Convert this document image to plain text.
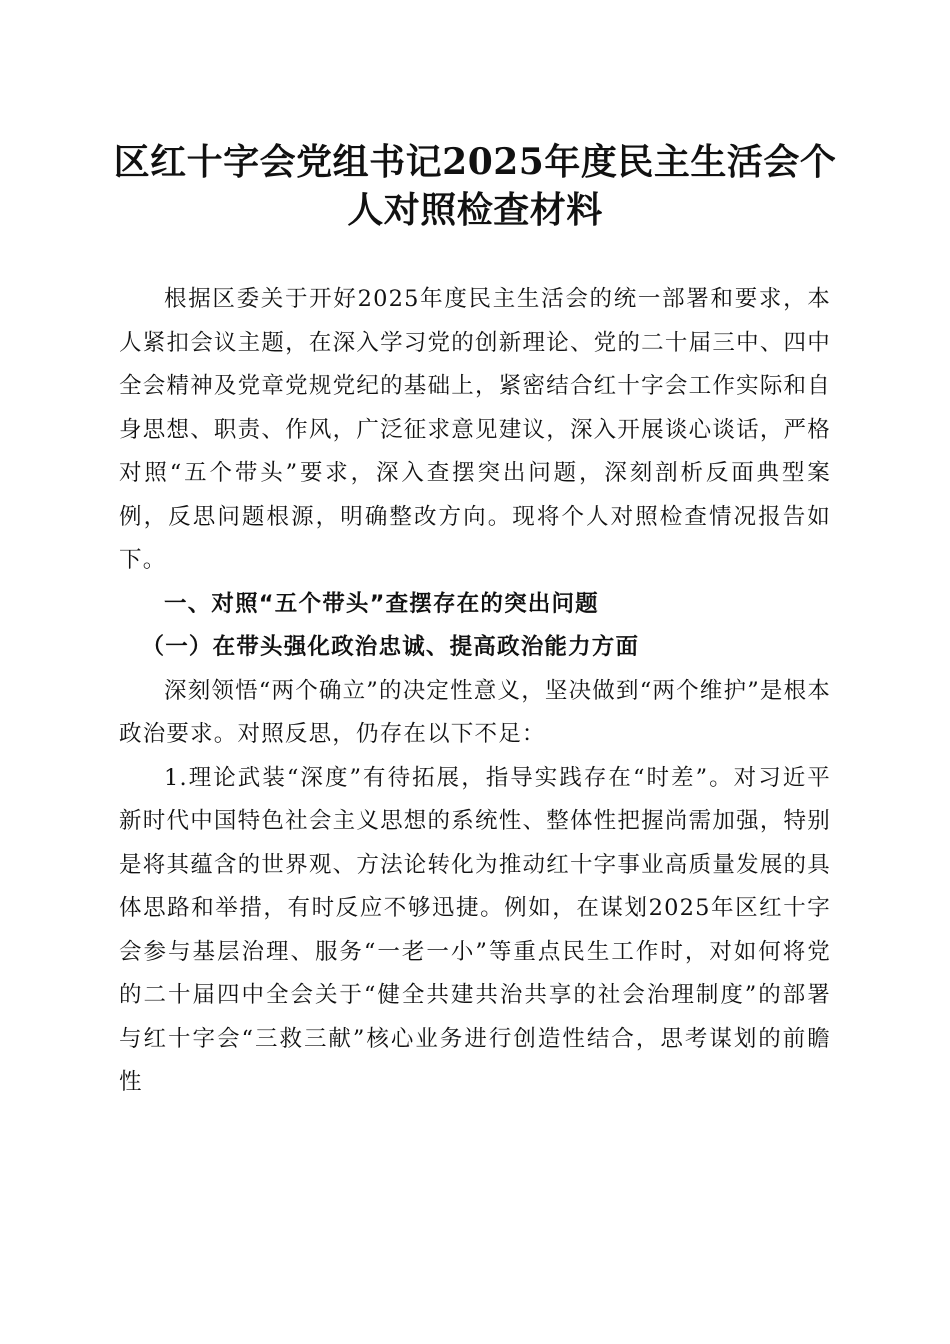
区红十字会党组书记2025年度民主生活会个
人对照检查材料

根据区委关于开好2025年度民主生活会的统一部署和要求，本人紧扣会议主题，在深入学习党的创新理论、党的二十届三中、四中全会精神及党章党规党纪的基础上，紧密结合红十字会工作实际和自身思想、职责、作风，广泛征求意见建议，深入开展谈心谈话，严格对照“五个带头”要求，深入查摆突出问题，深刻剖析反面典型案例，反思问题根源，明确整改方向。现将个人对照检查情况报告如下。

一、对照“五个带头”查摆存在的突出问题

（一）在带头强化政治忠诚、提高政治能力方面

深刻领悟“两个确立”的决定性意义，坚决做到“两个维护”是根本政治要求。对照反思，仍存在以下不足：

1.理论武装“深度”有待拓展，指导实践存在“时差”。对习近平新时代中国特色社会主义思想的系统性、整体性把握尚需加强，特别是将其蕴含的世界观、方法论转化为推动红十字事业高质量发展的具体思路和举措，有时反应不够迅捷。例如，在谋划2025年区红十字会参与基层治理、服务“一老一小”等重点民生工作时，对如何将党的二十届四中全会关于“健全共建共治共享的社会治理制度”的部署与红十字会“三救三献”核心业务进行创造性结合，思考谋划的前瞻性
